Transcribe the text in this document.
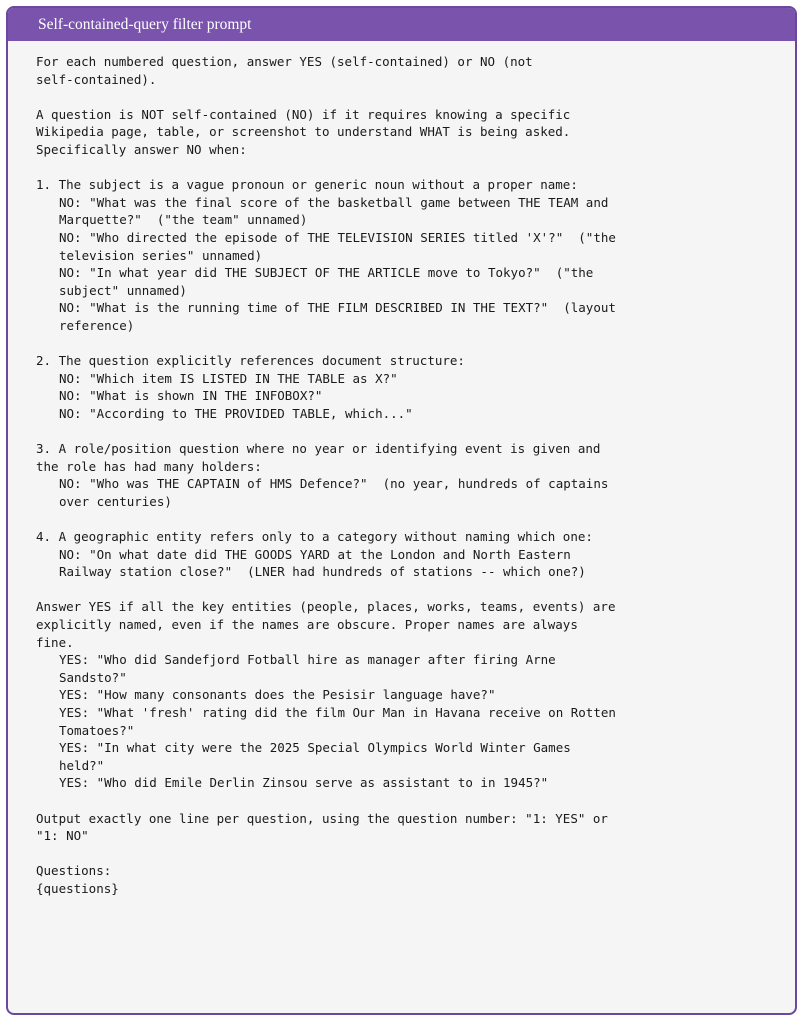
Self-contained-query filter prompt
For each numbered question, answer YES (self-contained) or NO (not
self-contained).
A question is NOT self-contained (NO) if it requires knowing a specific
Wikipedia page, table, or screenshot to understand WHAT is being asked.
Specifically answer NO when:
1. The subject is a vague pronoun or generic noun without a proper name:
NO: "What was the final score of the basketball game between THE TEAM and
Marquette?"  ("the team" unnamed)
NO: "Who directed the episode of THE TELEVISION SERIES titled 'X'?"  ("the
television series" unnamed)
NO: "In what year did THE SUBJECT OF THE ARTICLE move to Tokyo?"  ("the
subject" unnamed)
NO: "What is the running time of THE FILM DESCRIBED IN THE TEXT?"  (layout
reference)
2. The question explicitly references document structure:
NO: "Which item IS LISTED IN THE TABLE as X?"
NO: "What is shown IN THE INFOBOX?"
NO: "According to THE PROVIDED TABLE, which..."
3. A role/position question where no year or identifying event is given and
the role has had many holders:
NO: "Who was THE CAPTAIN of HMS Defence?"  (no year, hundreds of captains
over centuries)
4. A geographic entity refers only to a category without naming which one:
NO: "On what date did THE GOODS YARD at the London and North Eastern
Railway station close?"  (LNER had hundreds of stations -- which one?)
Answer YES if all the key entities (people, places, works, teams, events) are
explicitly named, even if the names are obscure. Proper names are always
fine.
YES: "Who did Sandefjord Fotball hire as manager after firing Arne
Sandsto?"
YES: "How many consonants does the Pesisir language have?"
YES: "What 'fresh' rating did the film Our Man in Havana receive on Rotten
Tomatoes?"
YES: "In what city were the 2025 Special Olympics World Winter Games
held?"
YES: "Who did Emile Derlin Zinsou serve as assistant to in 1945?"
Output exactly one line per question, using the question number: "1: YES" or
"1: NO"
Questions:
{questions}
